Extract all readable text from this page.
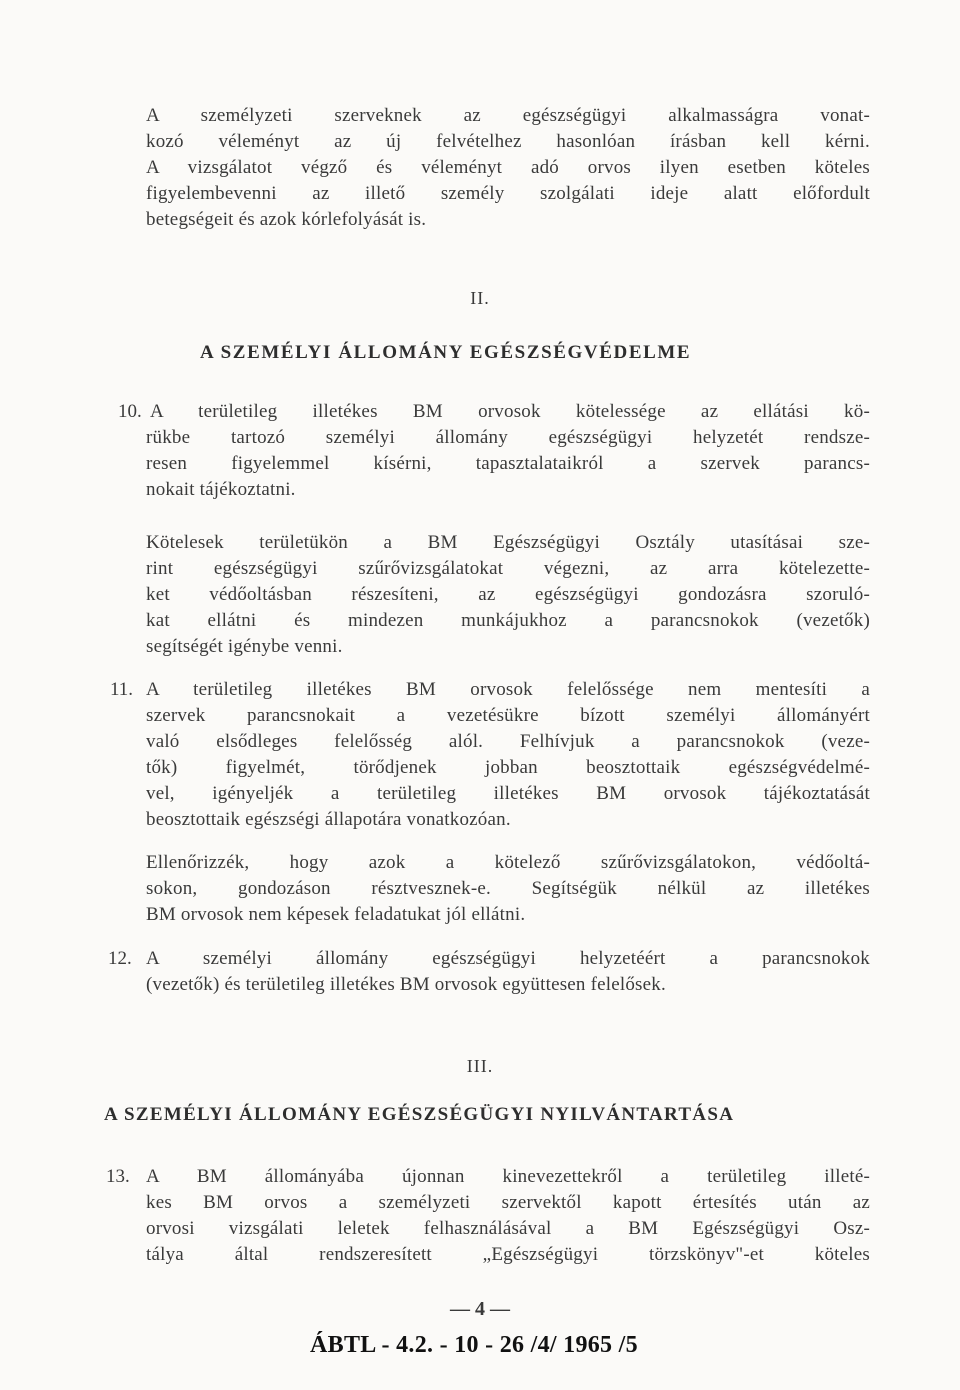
A személyzeti szerveknek az egészségügyi alkalmasságra vonat-
kozó véleményt az új felvételhez hasonlóan írásban kell kérni.
A vizsgálatot végző és véleményt adó orvos ilyen esetben köteles
figyelembevenni az illető személy szolgálati ideje alatt előfordult
betegségeit és azok kórlefolyását is.
II.
A SZEMÉLYI ÁLLOMÁNY EGÉSZSÉGVÉDELME
10. A területileg illetékes BM orvosok kötelessége az ellátási kö-
rükbe tartozó személyi állomány egészségügyi helyzetét rendsze-
resen figyelemmel kísérni, tapasztalataikról a szervek parancs-
nokait tájékoztatni.
Kötelesek területükön a BM Egészségügyi Osztály utasításai sze-
rint egészségügyi szűrővizsgálatokat végezni, az arra kötelezette-
ket védőoltásban részesíteni, az egészségügyi gondozásra szoruló-
kat ellátni és mindezen munkájukhoz a parancsnokok (vezetők)
segítségét igénybe venni.
11. A területileg illetékes BM orvosok felelőssége nem mentesíti a
szervek parancsnokait a vezetésükre bízott személyi állományért
való elsődleges felelősség alól. Felhívjuk a parancsnokok (veze-
tők) figyelmét, törődjenek jobban beosztottaik egészségvédelmé-
vel, igényeljék a területileg illetékes BM orvosok tájékoztatását
beosztottaik egészségi állapotára vonatkozóan.
Ellenőrizzék, hogy azok a kötelező szűrővizsgálatokon, védőoltá-
sokon, gondozáson résztvesznek-e. Segítségük nélkül az illetékes
BM orvosok nem képesek feladatukat jól ellátni.
12. A személyi állomány egészségügyi helyzetéért a parancsnokok
(vezetők) és területileg illetékes BM orvosok együttesen felelősek.
III.
A SZEMÉLYI ÁLLOMÁNY EGÉSZSÉGÜGYI NYILVÁNTARTÁSA
13. A BM állományába újonnan kinevezettekről a területileg illeté-
kes BM orvos a személyzeti szervektől kapott értesítés után az
orvosi vizsgálati leletek felhasználásával a BM Egészségügyi Osz-
tálya által rendszeresített „Egészségügyi törzskönyv"-et köteles
— 4 —
ÁBTL - 4.2. - 10 - 26 /4/ 1965 /5
